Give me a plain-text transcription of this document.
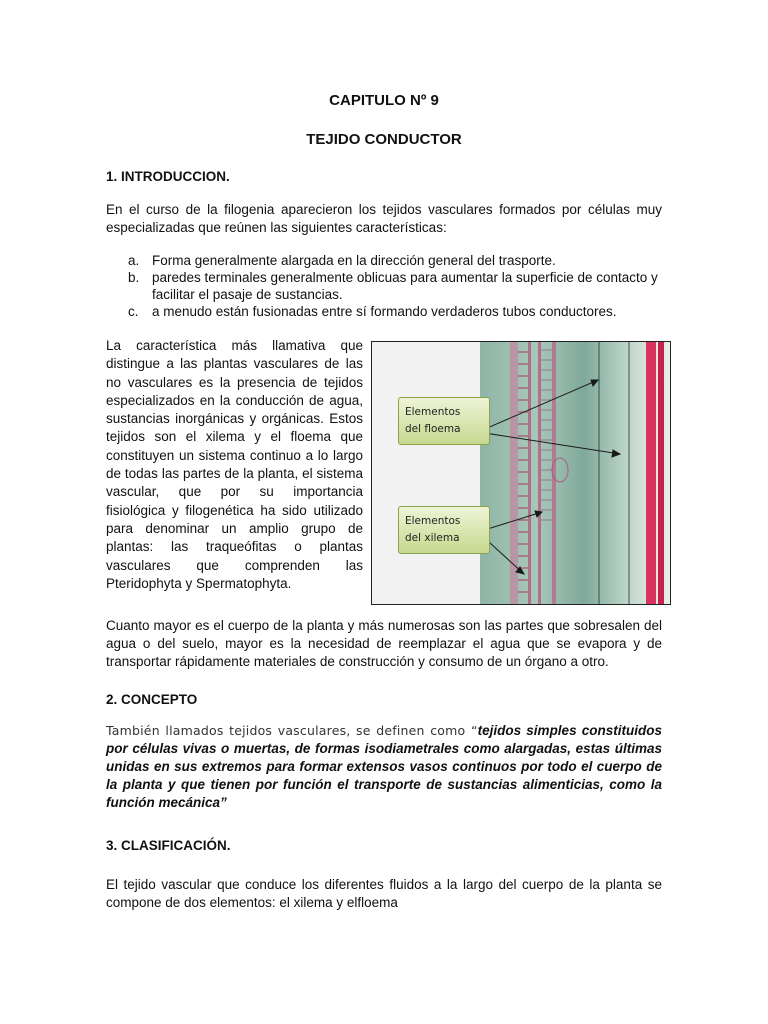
CAPITULO Nº 9
TEJIDO CONDUCTOR
1. INTRODUCCION.
En el curso de la filogenia aparecieron los tejidos vasculares formados por células muy especializadas que reúnen las siguientes características:
a. Forma generalmente alargada en la dirección general del trasporte.
b. paredes terminales generalmente oblicuas para aumentar la superficie de contacto y facilitar el pasaje de sustancias.
c. a menudo están fusionadas entre sí formando verdaderos tubos conductores.
La característica más llamativa que distingue a las plantas vasculares de las no vasculares es la presencia de tejidos especializados en la conducción de agua, sustancias inorgánicas y orgánicas. Estos tejidos son el xilema y el floema que constituyen un sistema continuo a lo largo de todas las partes de la planta, el sistema vascular, que por su importancia fisiológica y filogenética ha sido utilizado para denominar un amplio grupo de plantas: las traqueófitas o plantas vasculares que comprenden las Pteridophyta y Spermatophyta.
Elementos
del floema
Elementos
del xilema
Cuanto mayor es el cuerpo de la planta y más numerosas son las partes que sobresalen del agua o del suelo, mayor es la necesidad de reemplazar el agua que se evapora y de transportar rápidamente materiales de construcción y consumo de un órgano a otro.
2. CONCEPTO
También llamados tejidos vasculares, se definen como “tejidos simples constituidos por células vivas o muertas, de formas isodiametrales como alargadas, estas últimas unidas en sus extremos para formar extensos vasos continuos por todo el cuerpo de la planta y que tienen por función el transporte de sustancias alimenticias, como la función mecánica”
3. CLASIFICACIÓN.
El tejido vascular que conduce los diferentes fluidos a la largo del cuerpo de la planta se compone de dos elementos: el xilema y elfloema
